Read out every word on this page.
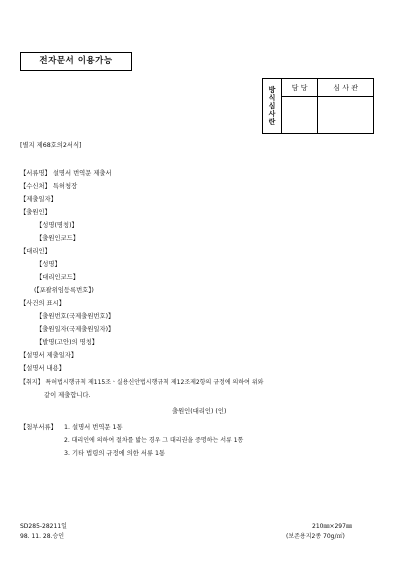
전자문서 이용가능
방
식
심
사
란	담 당	심 사 관

[별지 제68호의2서식]
【서류명】 설명서 번역문 제출서
【수신처】 특허청장
【제출일자】
【출원인】
【성명(명칭)】
【출원인코드】
【대리인】
【성명】
【대리인코드】
(【포괄위임등록번호】)
【사건의 표시】
【출원번호(국제출원번호)】
【출원일자(국제출원일자)】
【발명(고안)의 명칭】
【설명서 제출일자】
【설명서 내용】
【취지】 특허법시행규칙 제115조ㆍ실용신안법시행규칙 제12조제2항의 규정에 의하여 위와
같이 제출합니다.
출원인(대리인) (인)
【첨부서류】 1. 설명서 번역문 1통
2. 대리인에 의하여 절차를 밟는 경우 그 대리권을 증명하는 서류 1통
3. 기타 법령의 규정에 의한 서류 1통
SD285-28211일
98. 11. 28.승인
210㎜×297㎜
(보존용지2종 70g/㎡)
